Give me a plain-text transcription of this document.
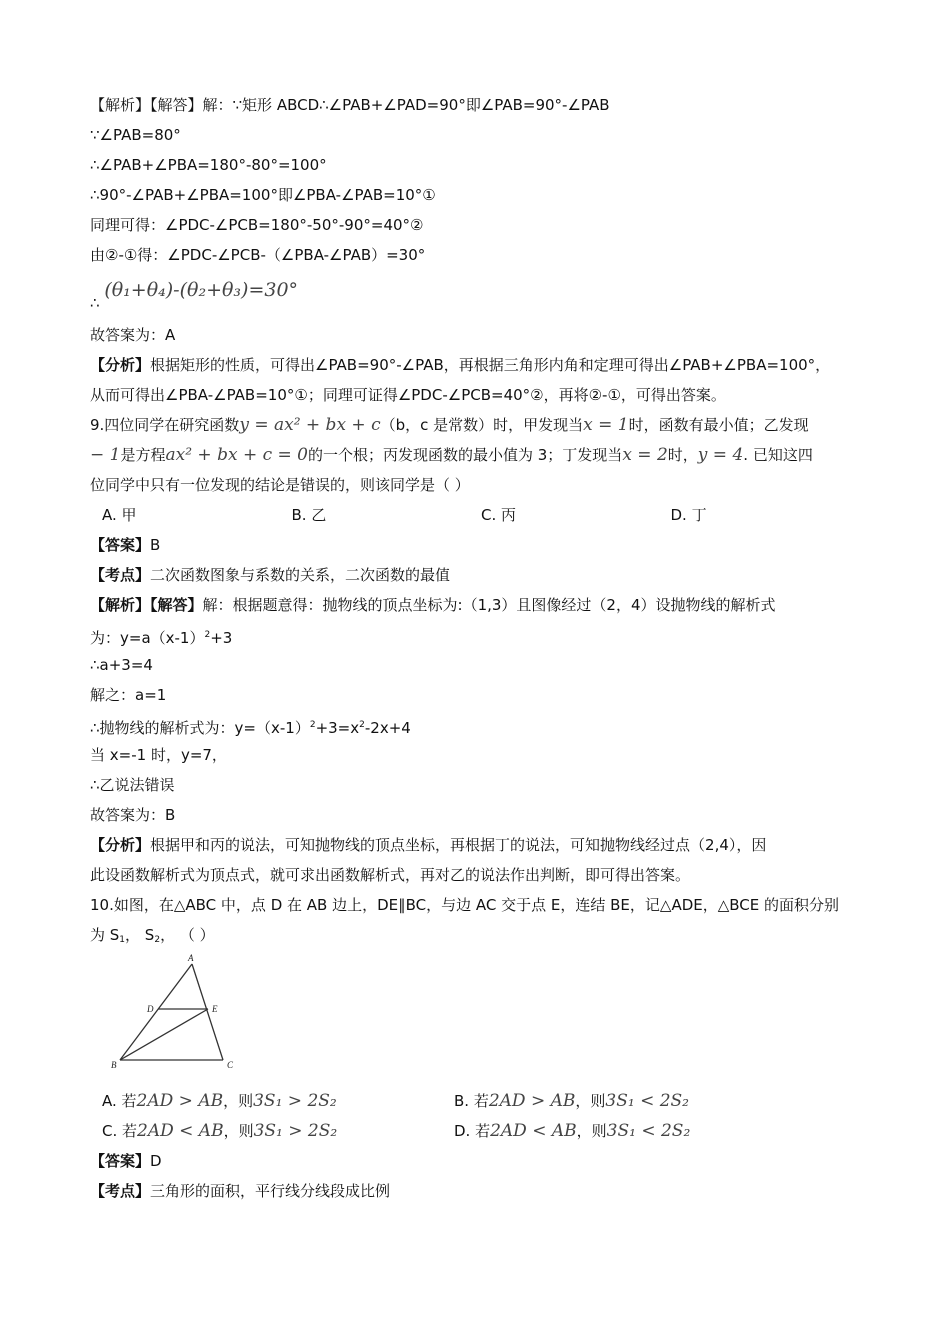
【解析】【解答】解：∵矩形 ABCD∴∠PAB+∠PAD=90°即∠PAB=90°-∠PAB
∵∠PAB=80°
∴∠PAB+∠PBA=180°-80°=100°
∴90°-∠PAB+∠PBA=100°即∠PBA-∠PAB=10°①
同理可得：∠PDC-∠PCB=180°-50°-90°=40°②
由②-①得：∠PDC-∠PCB-（∠PBA-∠PAB）=30°
∴ (θ₁+θ₄)-(θ₂+θ₃)=30°
故答案为：A
【分析】根据矩形的性质，可得出∠PAB=90°-∠PAB，再根据三角形内角和定理可得出∠PAB+∠PBA=100°，
从而可得出∠PBA-∠PAB=10°①；同理可证得∠PDC-∠PCB=40°②，再将②-①，可得出答案。
9.四位同学在研究函数y = ax² + bx + c（b，c 是常数）时，甲发现当x = 1时，函数有最小值；乙发现
− 1是方程ax² + bx + c = 0的一个根；丙发现函数的最小值为 3；丁发现当x = 2时，y = 4. 已知这四
位同学中只有一位发现的结论是错误的，则该同学是（ ）
A. 甲	B. 乙	C. 丙	D. 丁
【答案】B
【考点】二次函数图象与系数的关系，二次函数的最值
【解析】【解答】解：根据题意得：抛物线的顶点坐标为:（1,3）且图像经过（2，4）设抛物线的解析式
为：$y=a(x-1)^2+3$
∴a+3=4
解之：a=1
∴抛物线的解析式为：$y=(x-1)^2+3=x^2-2x+4$
当 x=-1 时，y=7，
∴乙说法错误
故答案为：B
【分析】根据甲和丙的说法，可知抛物线的顶点坐标，再根据丁的说法，可知抛物线经过点（2,4），因
此设函数解析式为顶点式，就可求出函数解析式，再对乙的说法作出判断，即可得出答案。
10.如图，在△ABC 中，点 D 在 AB 边上，DE∥BC，与边 AC 交于点 E，连结 BE，记△ADE，△BCE 的面积分别
为 $S_1$， $S_2$， （ ）
A
D	E
B	C
A. 若2AD > AB，则3S₁ > 2S₂	B. 若2AD > AB，则3S₁ < 2S₂
C. 若2AD < AB，则3S₁ > 2S₂	D. 若2AD < AB，则3S₁ < 2S₂
【答案】D
【考点】三角形的面积，平行线分线段成比例
